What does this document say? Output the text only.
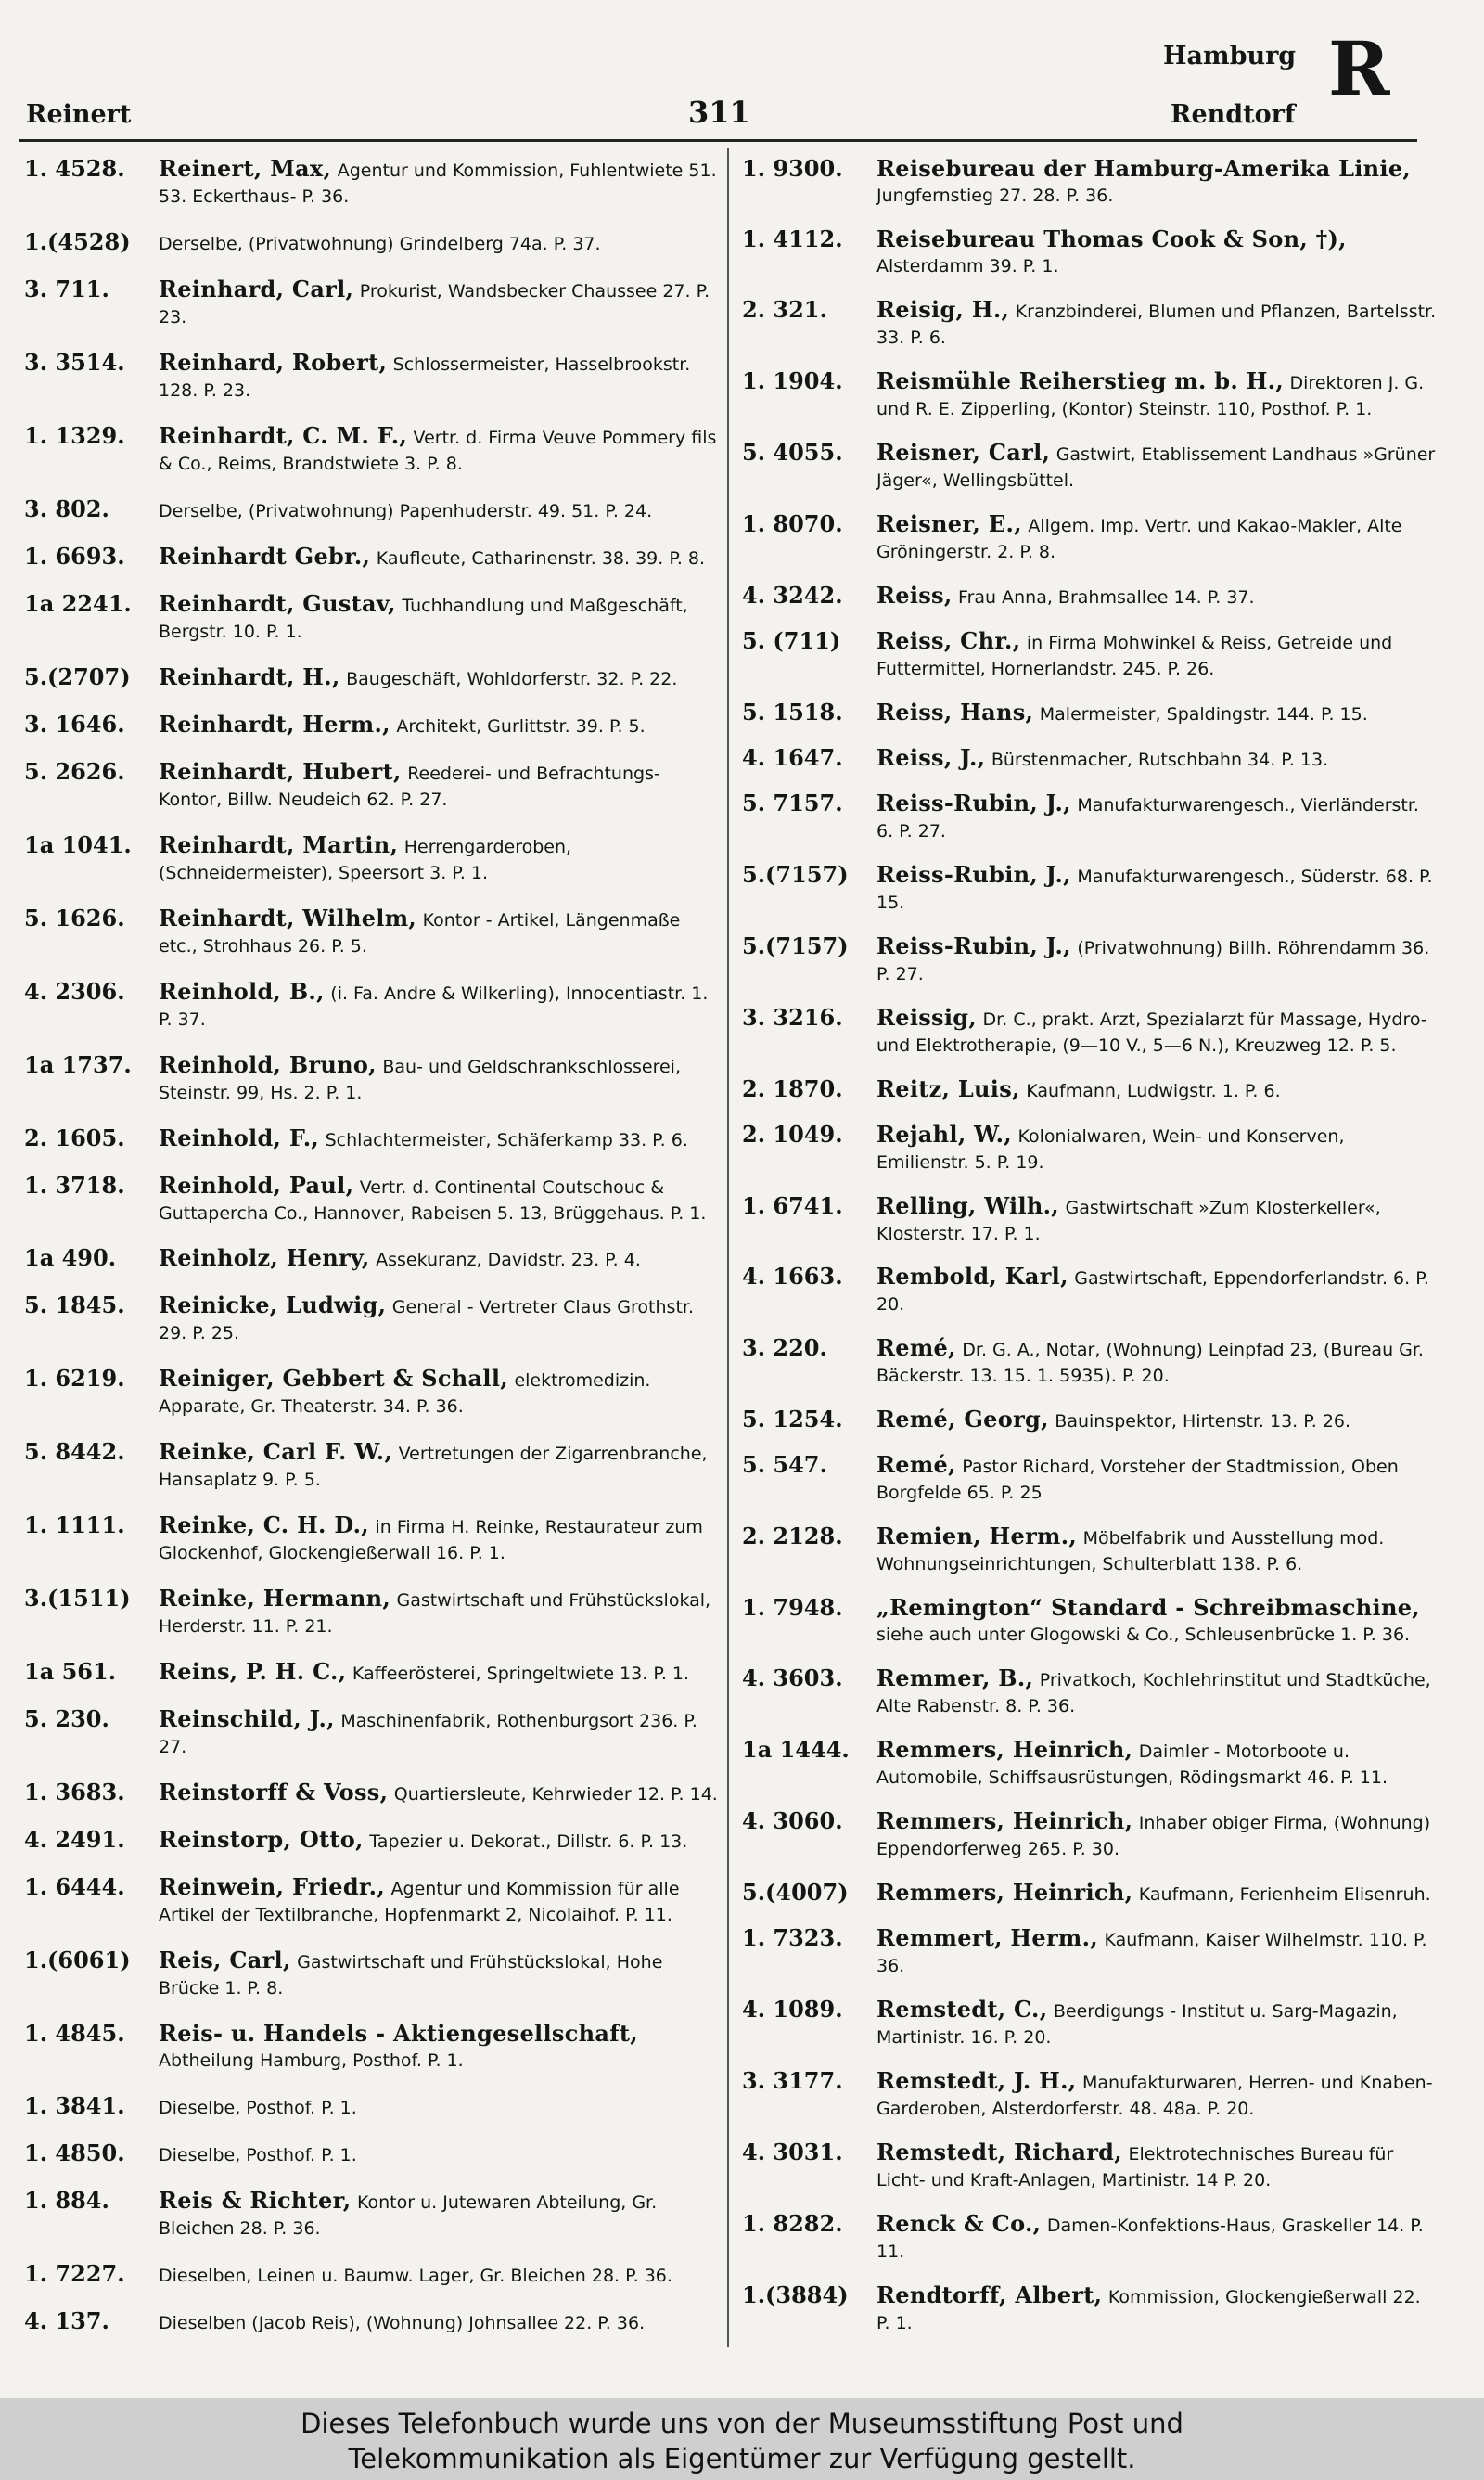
Reinert	311
Hamburg
Rendtorf
R
1. 4528.	Reinert, Max, Agentur und Kommission, Fuhlentwiete 51. 53. Eckerthaus- P. 36.
1.(4528)	Derselbe, (Privatwohnung) Grindelberg 74a. P. 37.
3. 711.	Reinhard, Carl, Prokurist, Wandsbecker Chaussee 27. P. 23.
3. 3514.	Reinhard, Robert, Schlossermeister, Hasselbrookstr. 128. P. 23.
1. 1329.	Reinhardt, C. M. F., Vertr. d. Firma Veuve Pommery fils & Co., Reims, Brandstwiete 3. P. 8.
3. 802.	Derselbe, (Privatwohnung) Papenhuderstr. 49. 51. P. 24.
1. 6693.	Reinhardt Gebr., Kaufleute, Catharinenstr. 38. 39. P. 8.
1a 2241.	Reinhardt, Gustav, Tuchhandlung und Maßgeschäft, Bergstr. 10. P. 1.
5.(2707)	Reinhardt, H., Baugeschäft, Wohldorferstr. 32. P. 22.
3. 1646.	Reinhardt, Herm., Architekt, Gurlittstr. 39. P. 5.
5. 2626.	Reinhardt, Hubert, Reederei- und Befrachtungs-Kontor, Billw. Neudeich 62. P. 27.
1a 1041.	Reinhardt, Martin, Herrengarderoben, (Schneidermeister), Speersort 3. P. 1.
5. 1626.	Reinhardt, Wilhelm, Kontor - Artikel, Längenmaße etc., Strohhaus 26. P. 5.
4. 2306.	Reinhold, B., (i. Fa. Andre & Wilkerling), Innocentiastr. 1. P. 37.
1a 1737.	Reinhold, Bruno, Bau- und Geldschrankschlosserei, Steinstr. 99, Hs. 2. P. 1.
2. 1605.	Reinhold, F., Schlachtermeister, Schäferkamp 33. P. 6.
1. 3718.	Reinhold, Paul, Vertr. d. Continental Coutschouc & Guttapercha Co., Hannover, Rabeisen 5. 13, Brüggehaus. P. 1.
1a 490.	Reinholz, Henry, Assekuranz, Davidstr. 23. P. 4.
5. 1845.	Reinicke, Ludwig, General - Vertreter Claus Grothstr. 29. P. 25.
1. 6219.	Reiniger, Gebbert & Schall, elektromedizin. Apparate, Gr. Theaterstr. 34. P. 36.
5. 8442.	Reinke, Carl F. W., Vertretungen der Zigarrenbranche, Hansaplatz 9. P. 5.
1. 1111.	Reinke, C. H. D., in Firma H. Reinke, Restaurateur zum Glockenhof, Glockengießerwall 16. P. 1.
3.(1511)	Reinke, Hermann, Gastwirtschaft und Frühstückslokal, Herderstr. 11. P. 21.
1a 561.	Reins, P. H. C., Kaffeerösterei, Springeltwiete 13. P. 1.
5. 230.	Reinschild, J., Maschinenfabrik, Rothenburgsort 236. P. 27.
1. 3683.	Reinstorff & Voss, Quartiersleute, Kehrwieder 12. P. 14.
4. 2491.	Reinstorp, Otto, Tapezier u. Dekorat., Dillstr. 6. P. 13.
1. 6444.	Reinwein, Friedr., Agentur und Kommission für alle Artikel der Textilbranche, Hopfenmarkt 2, Nicolaihof. P. 11.
1.(6061)	Reis, Carl, Gastwirtschaft und Frühstückslokal, Hohe Brücke 1. P. 8.
1. 4845.	Reis- u. Handels - Aktiengesellschaft, Abtheilung Hamburg, Posthof. P. 1.
1. 3841.	Dieselbe, Posthof. P. 1.
1. 4850.	Dieselbe, Posthof. P. 1.
1. 884.	Reis & Richter, Kontor u. Jutewaren Abteilung, Gr. Bleichen 28. P. 36.
1. 7227.	Dieselben, Leinen u. Baumw. Lager, Gr. Bleichen 28. P. 36.
4. 137.	Dieselben (Jacob Reis), (Wohnung) Johnsallee 22. P. 36.
1. 9300.	Reisebureau der Hamburg-Amerika Linie, Jungfernstieg 27. 28. P. 36.
1. 4112.	Reisebureau Thomas Cook & Son, †), Alsterdamm 39. P. 1.
2. 321.	Reisig, H., Kranzbinderei, Blumen und Pflanzen, Bartelsstr. 33. P. 6.
1. 1904.	Reismühle Reiherstieg m. b. H., Direktoren J. G. und R. E. Zipperling, (Kontor) Steinstr. 110, Posthof. P. 1.
5. 4055.	Reisner, Carl, Gastwirt, Etablissement Landhaus »Grüner Jäger«, Wellingsbüttel.
1. 8070.	Reisner, E., Allgem. Imp. Vertr. und Kakao-Makler, Alte Gröningerstr. 2. P. 8.
4. 3242.	Reiss, Frau Anna, Brahmsallee 14. P. 37.
5. (711)	Reiss, Chr., in Firma Mohwinkel & Reiss, Getreide und Futtermittel, Hornerlandstr. 245. P. 26.
5. 1518.	Reiss, Hans, Malermeister, Spaldingstr. 144. P. 15.
4. 1647.	Reiss, J., Bürstenmacher, Rutschbahn 34. P. 13.
5. 7157.	Reiss-Rubin, J., Manufakturwarengesch., Vierländerstr. 6. P. 27.
5.(7157)	Reiss-Rubin, J., Manufakturwarengesch., Süderstr. 68. P. 15.
5.(7157)	Reiss-Rubin, J., (Privatwohnung) Billh. Röhrendamm 36. P. 27.
3. 3216.	Reissig, Dr. C., prakt. Arzt, Spezialarzt für Massage, Hydro- und Elektrotherapie, (9—10 V., 5—6 N.), Kreuzweg 12. P. 5.
2. 1870.	Reitz, Luis, Kaufmann, Ludwigstr. 1. P. 6.
2. 1049.	Rejahl, W., Kolonialwaren, Wein- und Konserven, Emilienstr. 5. P. 19.
1. 6741.	Relling, Wilh., Gastwirtschaft »Zum Klosterkeller«, Klosterstr. 17. P. 1.
4. 1663.	Rembold, Karl, Gastwirtschaft, Eppendorferlandstr. 6. P. 20.
3. 220.	Remé, Dr. G. A., Notar, (Wohnung) Leinpfad 23, (Bureau Gr. Bäckerstr. 13. 15. 1. 5935). P. 20.
5. 1254.	Remé, Georg, Bauinspektor, Hirtenstr. 13. P. 26.
5. 547.	Remé, Pastor Richard, Vorsteher der Stadtmission, Oben Borgfelde 65. P. 25
2. 2128.	Remien, Herm., Möbelfabrik und Ausstellung mod. Wohnungseinrichtungen, Schulterblatt 138. P. 6.
1. 7948.	„Remington“ Standard - Schreibmaschine, siehe auch unter Glogowski & Co., Schleusenbrücke 1. P. 36.
4. 3603.	Remmer, B., Privatkoch, Kochlehrinstitut und Stadtküche, Alte Rabenstr. 8. P. 36.
1a 1444.	Remmers, Heinrich, Daimler - Motorboote u. Automobile, Schiffsausrüstungen, Rödingsmarkt 46. P. 11.
4. 3060.	Remmers, Heinrich, Inhaber obiger Firma, (Wohnung) Eppendorferweg 265. P. 30.
5.(4007)	Remmers, Heinrich, Kaufmann, Ferienheim Elisenruh.
1. 7323.	Remmert, Herm., Kaufmann, Kaiser Wilhelmstr. 110. P. 36.
4. 1089.	Remstedt, C., Beerdigungs - Institut u. Sarg-Magazin, Martinistr. 16. P. 20.
3. 3177.	Remstedt, J. H., Manufakturwaren, Herren- und Knaben-Garderoben, Alsterdorferstr. 48. 48a. P. 20.
4. 3031.	Remstedt, Richard, Elektrotechnisches Bureau für Licht- und Kraft-Anlagen, Martinistr. 14 P. 20.
1. 8282.	Renck & Co., Damen-Konfektions-Haus, Graskeller 14. P. 11.
1.(3884)	Rendtorff, Albert, Kommission, Glockengießerwall 22. P. 1.
Dieses Telefonbuch wurde uns von der Museumsstiftung Post und
Telekommunikation als Eigentümer zur Verfügung gestellt.
